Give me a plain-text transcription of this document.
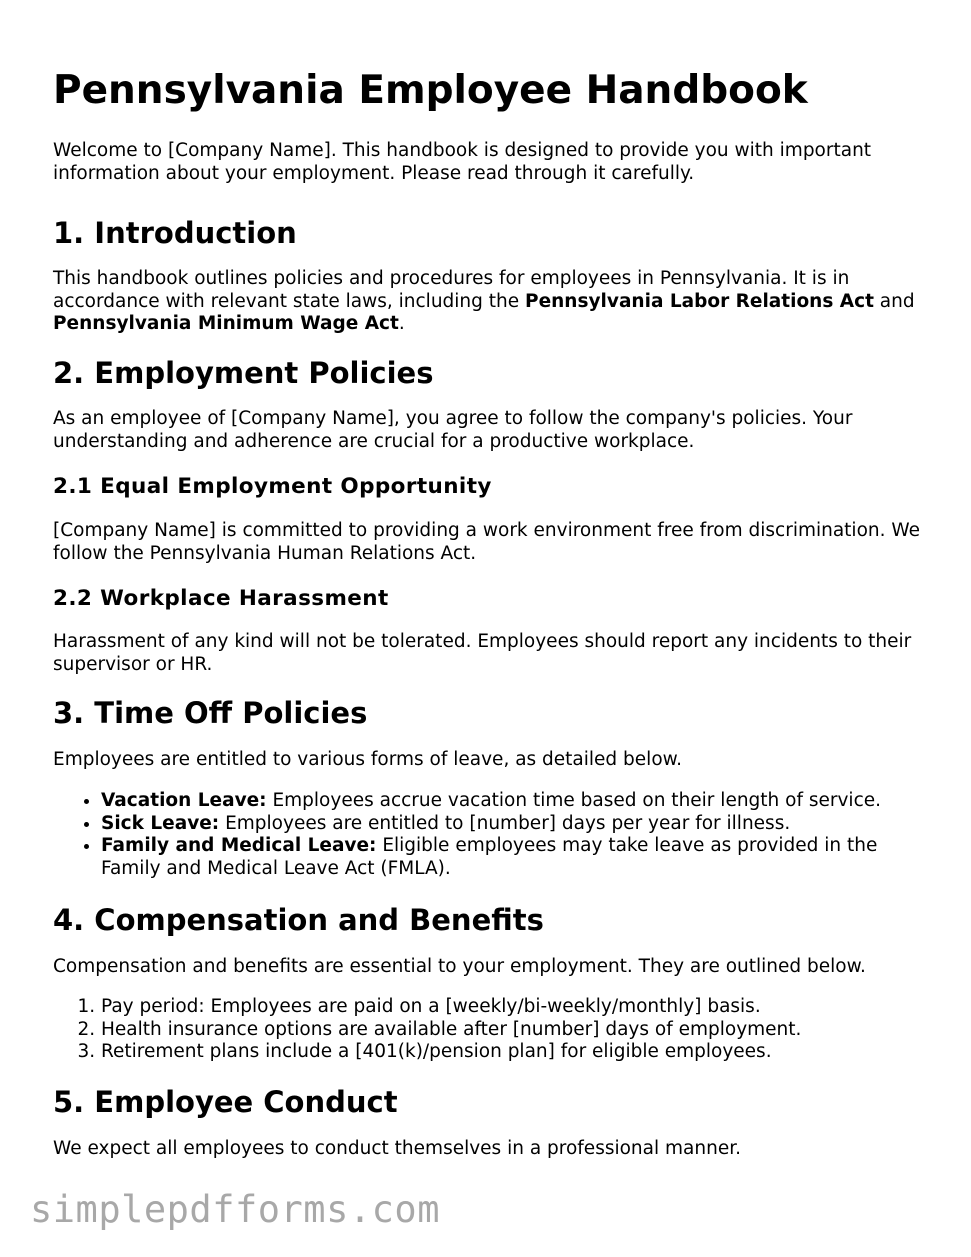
Pennsylvania Employee Handbook

Welcome to [Company Name]. This handbook is designed to provide you with important information about your employment. Please read through it carefully.

1. Introduction

This handbook outlines policies and procedures for employees in Pennsylvania. It is in accordance with relevant state laws, including the Pennsylvania Labor Relations Act and Pennsylvania Minimum Wage Act.

2. Employment Policies

As an employee of [Company Name], you agree to follow the company's policies. Your understanding and adherence are crucial for a productive workplace.

2.1 Equal Employment Opportunity

[Company Name] is committed to providing a work environment free from discrimination. We follow the Pennsylvania Human Relations Act.

2.2 Workplace Harassment

Harassment of any kind will not be tolerated. Employees should report any incidents to their supervisor or HR.

3. Time Off Policies

Employees are entitled to various forms of leave, as detailed below.

• Vacation Leave: Employees accrue vacation time based on their length of service.
• Sick Leave: Employees are entitled to [number] days per year for illness.
• Family and Medical Leave: Eligible employees may take leave as provided in the Family and Medical Leave Act (FMLA).
4. Compensation and Benefits

Compensation and benefits are essential to your employment. They are outlined below.

1. Pay period: Employees are paid on a [weekly/bi-weekly/monthly] basis.
2. Health insurance options are available after [number] days of employment.
3. Retirement plans include a [401(k)/pension plan] for eligible employees.
5. Employee Conduct

We expect all employees to conduct themselves in a professional manner.

simplepdfforms.com
